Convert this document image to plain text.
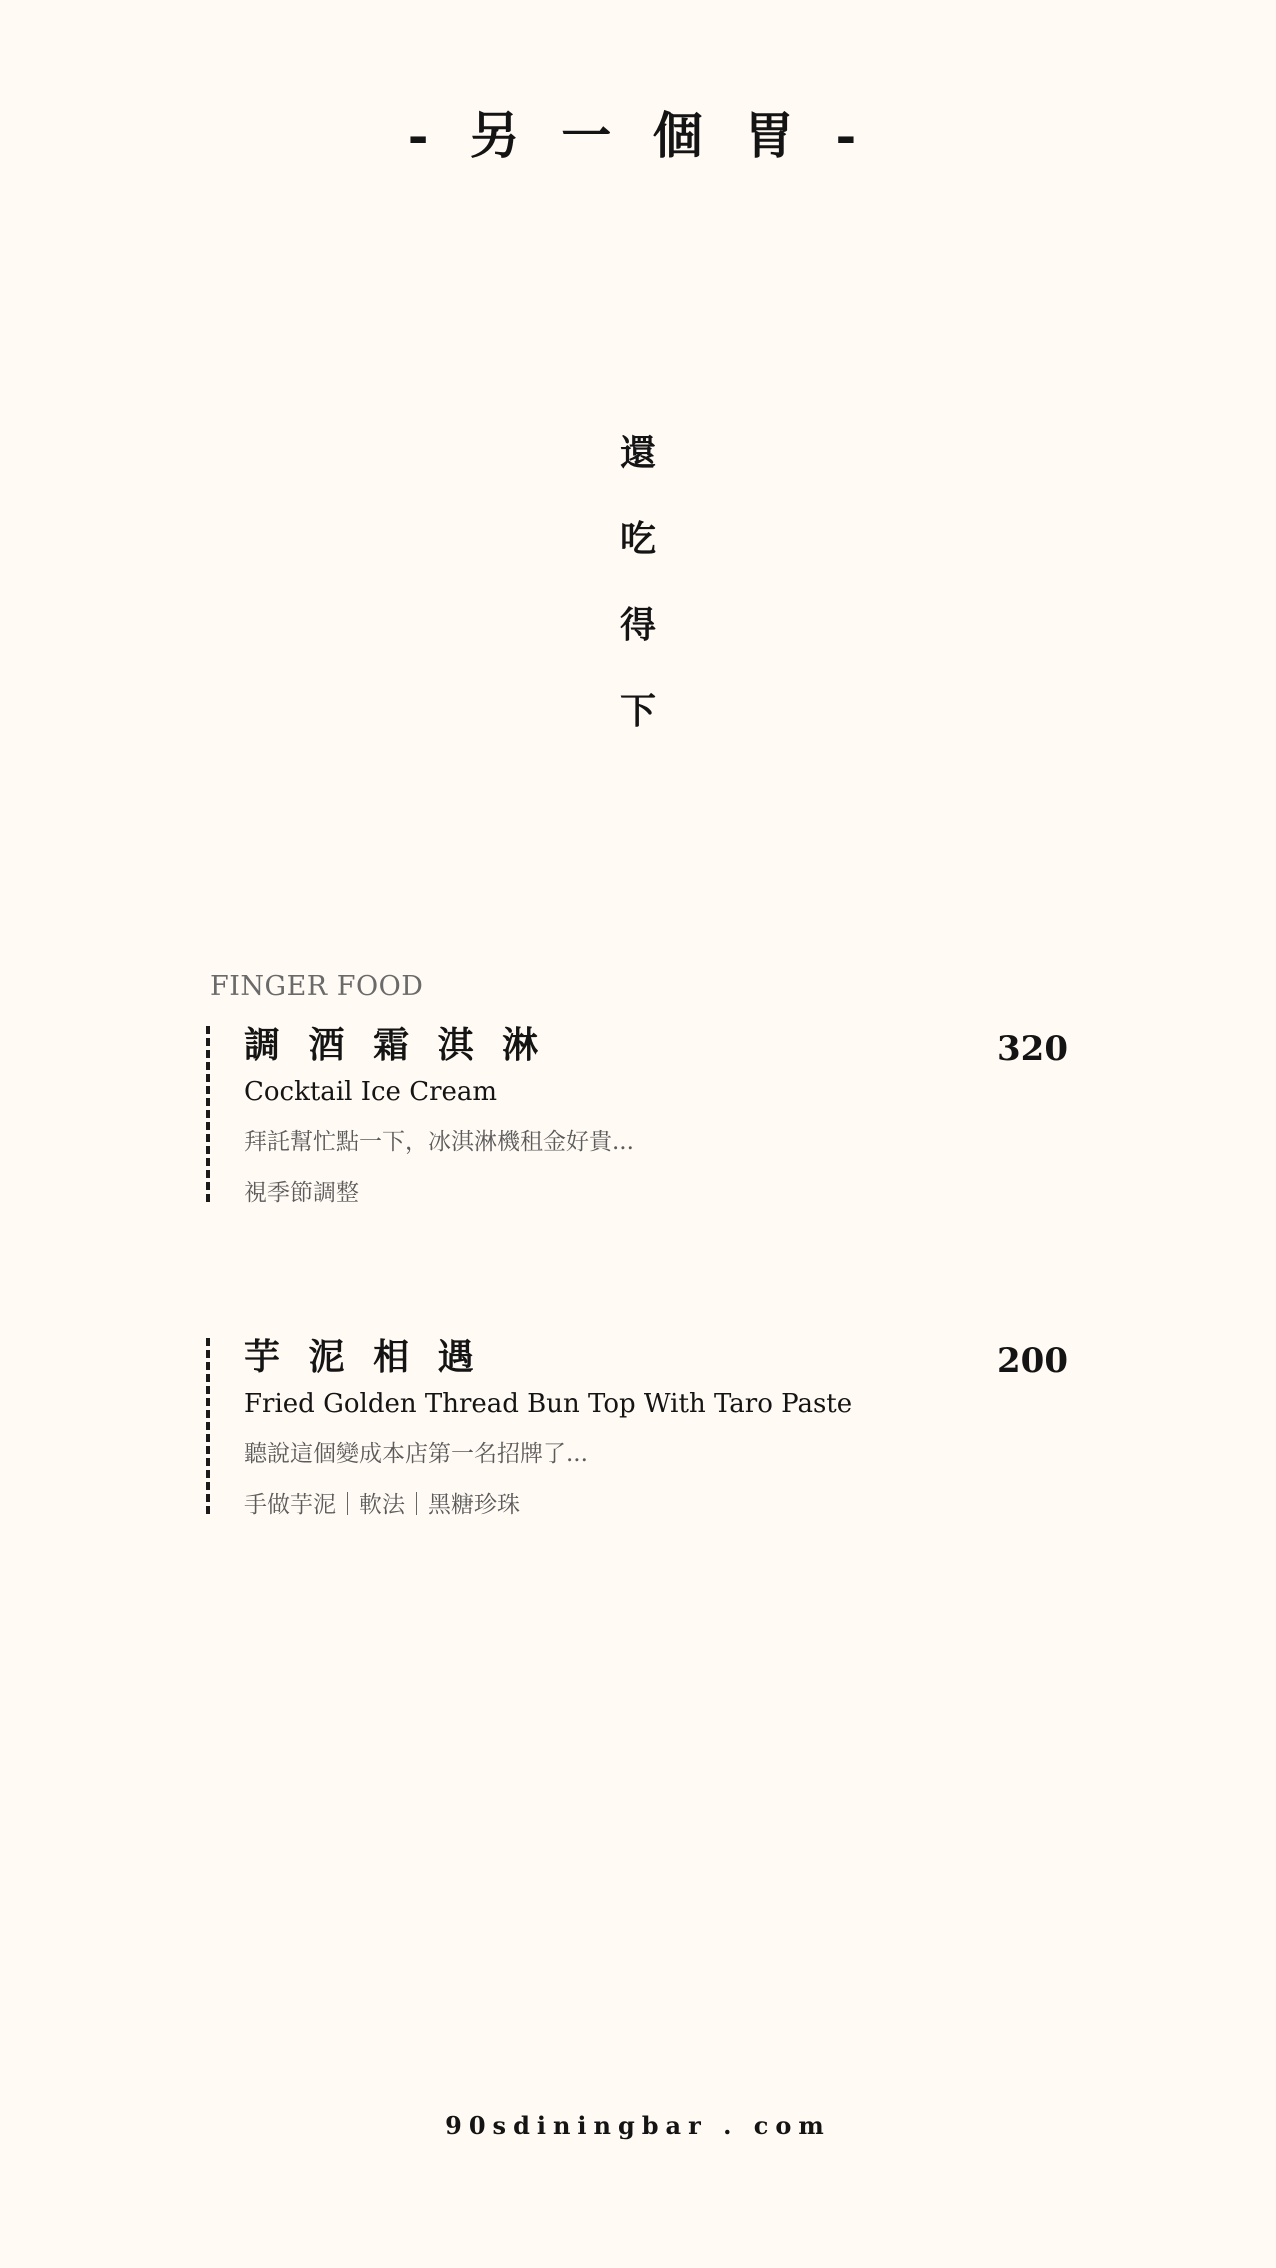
- 另 一 個 胃 -
還
吃
得
下
FINGER FOOD
調 酒 霜 淇 淋	320
Cocktail Ice Cream
拜託幫忙點一下，冰淇淋機租金好貴...
視季節調整
芋 泥 相 遇	200
Fried Golden Thread Bun Top With Taro Paste
聽說這個變成本店第一名招牌了...
手做芋泥｜軟法｜黑糖珍珠
90sdiningbar . com
